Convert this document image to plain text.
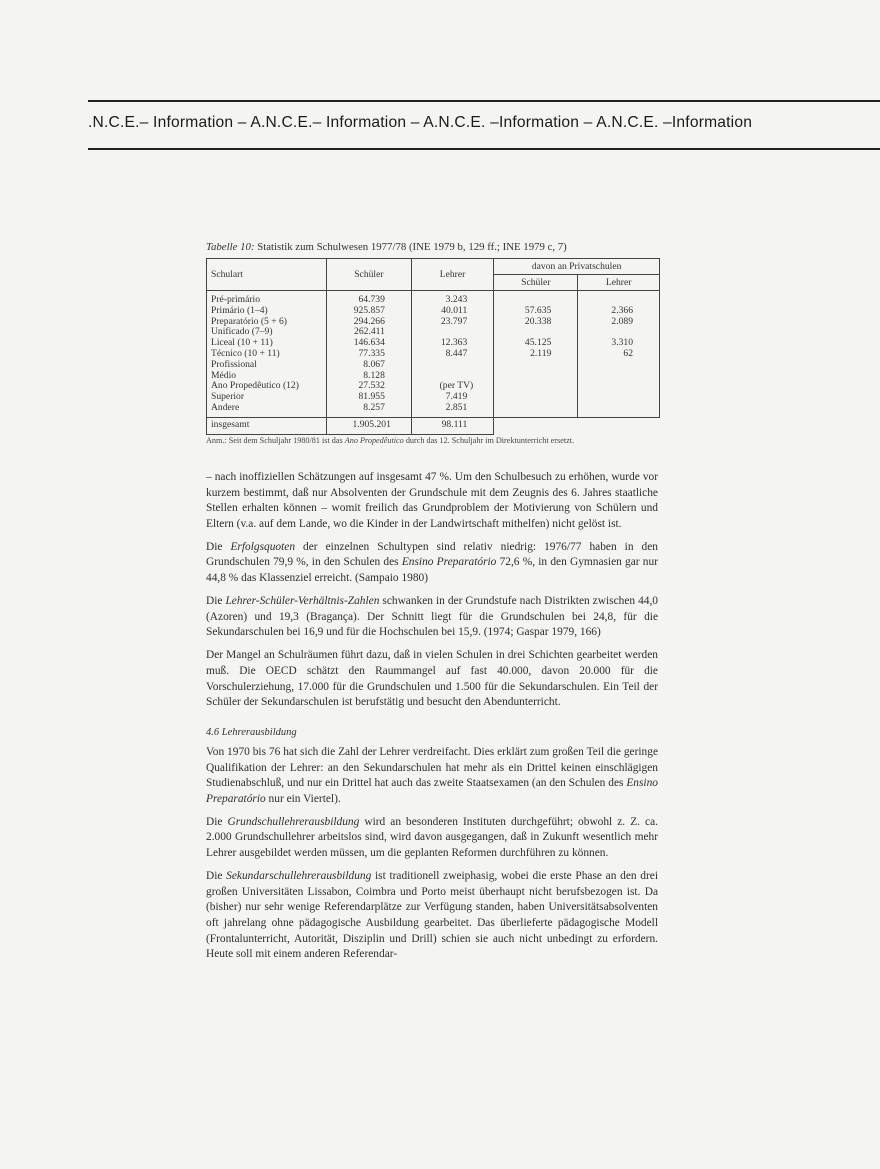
.N.C.E.– Information – A.N.C.E.– Information – A.N.C.E. –Information – A.N.C.E. –Information
Tabelle 10: Statistik zum Schulwesen 1977/78 (INE 1979 b, 129 ff.; INE 1979 c, 7)
Schulart	Schüler	Lehrer	davon an Privatschulen	
			Schüler	Lehrer
Pré-primário	64.739	3.243		
Primário (1–4)	925.857	40.011	57.635	2.366
Preparatório (5 + 6)	294.266	23.797	20.338	2.089
Unificado (7–9)	262.411			
Liceal (10 + 11)	146.634	12.363	45.125	3.310
Técnico (10 + 11)	77.335	8.447	2.119	62
Profissional	8.067			
Médio	8.128			
Ano Propedêutico (12)	27.532	(per TV)		
Superior	81.955	7.419		
Andere	8.257	2.851		
insgesamt	1.905.201	98.111		
Anm.: Seit dem Schuljahr 1980/81 ist das Ano Propedêutico durch das 12. Schuljahr im Direktunterricht ersetzt.

– nach inoffiziellen Schätzungen auf insgesamt 47 %. Um den Schulbesuch zu erhöhen, wurde vor kurzem bestimmt, daß nur Absolventen der Grundschule mit dem Zeugnis des 6. Jahres staatliche Stellen erhalten können – womit freilich das Grundproblem der Motivierung von Schülern und Eltern (v.a. auf dem Lande, wo die Kinder in der Landwirtschaft mithelfen) nicht gelöst ist.

Die Erfolgsquoten der einzelnen Schultypen sind relativ niedrig: 1976/77 haben in den Grundschulen 79,9 %, in den Schulen des Ensino Preparatório 72,6 %, in den Gymnasien gar nur 44,8 % das Klassenziel erreicht. (Sampaio 1980)

Die Lehrer-Schüler-Verhältnis-Zahlen schwanken in der Grundstufe nach Distrikten zwischen 44,0 (Azoren) und 19,3 (Bragança). Der Schnitt liegt für die Grundschulen bei 24,8, für die Sekundarschulen bei 16,9 und für die Hochschulen bei 15,9. (1974; Gaspar 1979, 166)

Der Mangel an Schulräumen führt dazu, daß in vielen Schulen in drei Schichten gearbeitet werden muß. Die OECD schätzt den Raummangel auf fast 40.000, davon 20.000 für die Vorschulerziehung, 17.000 für die Grundschulen und 1.500 für die Sekundarschulen. Ein Teil der Schüler der Sekundarschulen ist berufstätig und besucht den Abendunterricht.

4.6 Lehrerausbildung

Von 1970 bis 76 hat sich die Zahl der Lehrer verdreifacht. Dies erklärt zum großen Teil die geringe Qualifikation der Lehrer: an den Sekundarschulen hat mehr als ein Drittel keinen einschlägigen Studienabschluß, und nur ein Drittel hat auch das zweite Staatsexamen (an den Schulen des Ensino Preparatório nur ein Viertel).

Die Grundschullehrerausbildung wird an besonderen Instituten durchgeführt; obwohl z. Z. ca. 2.000 Grundschullehrer arbeitslos sind, wird davon ausgegangen, daß in Zukunft wesentlich mehr Lehrer ausgebildet werden müssen, um die geplanten Reformen durchführen zu können.

Die Sekundarschullehrerausbildung ist traditionell zweiphasig, wobei die erste Phase an den drei großen Universitäten Lissabon, Coimbra und Porto meist überhaupt nicht berufsbezogen ist. Da (bisher) nur sehr wenige Referendarplätze zur Verfügung standen, haben Universitätsabsolventen oft jahrelang ohne pädagogische Ausbildung gearbeitet. Das überlieferte pädagogische Modell (Frontalunterricht, Autorität, Disziplin und Drill) schien sie auch nicht unbedingt zu erfordern. Heute soll mit einem anderen Referendar-
